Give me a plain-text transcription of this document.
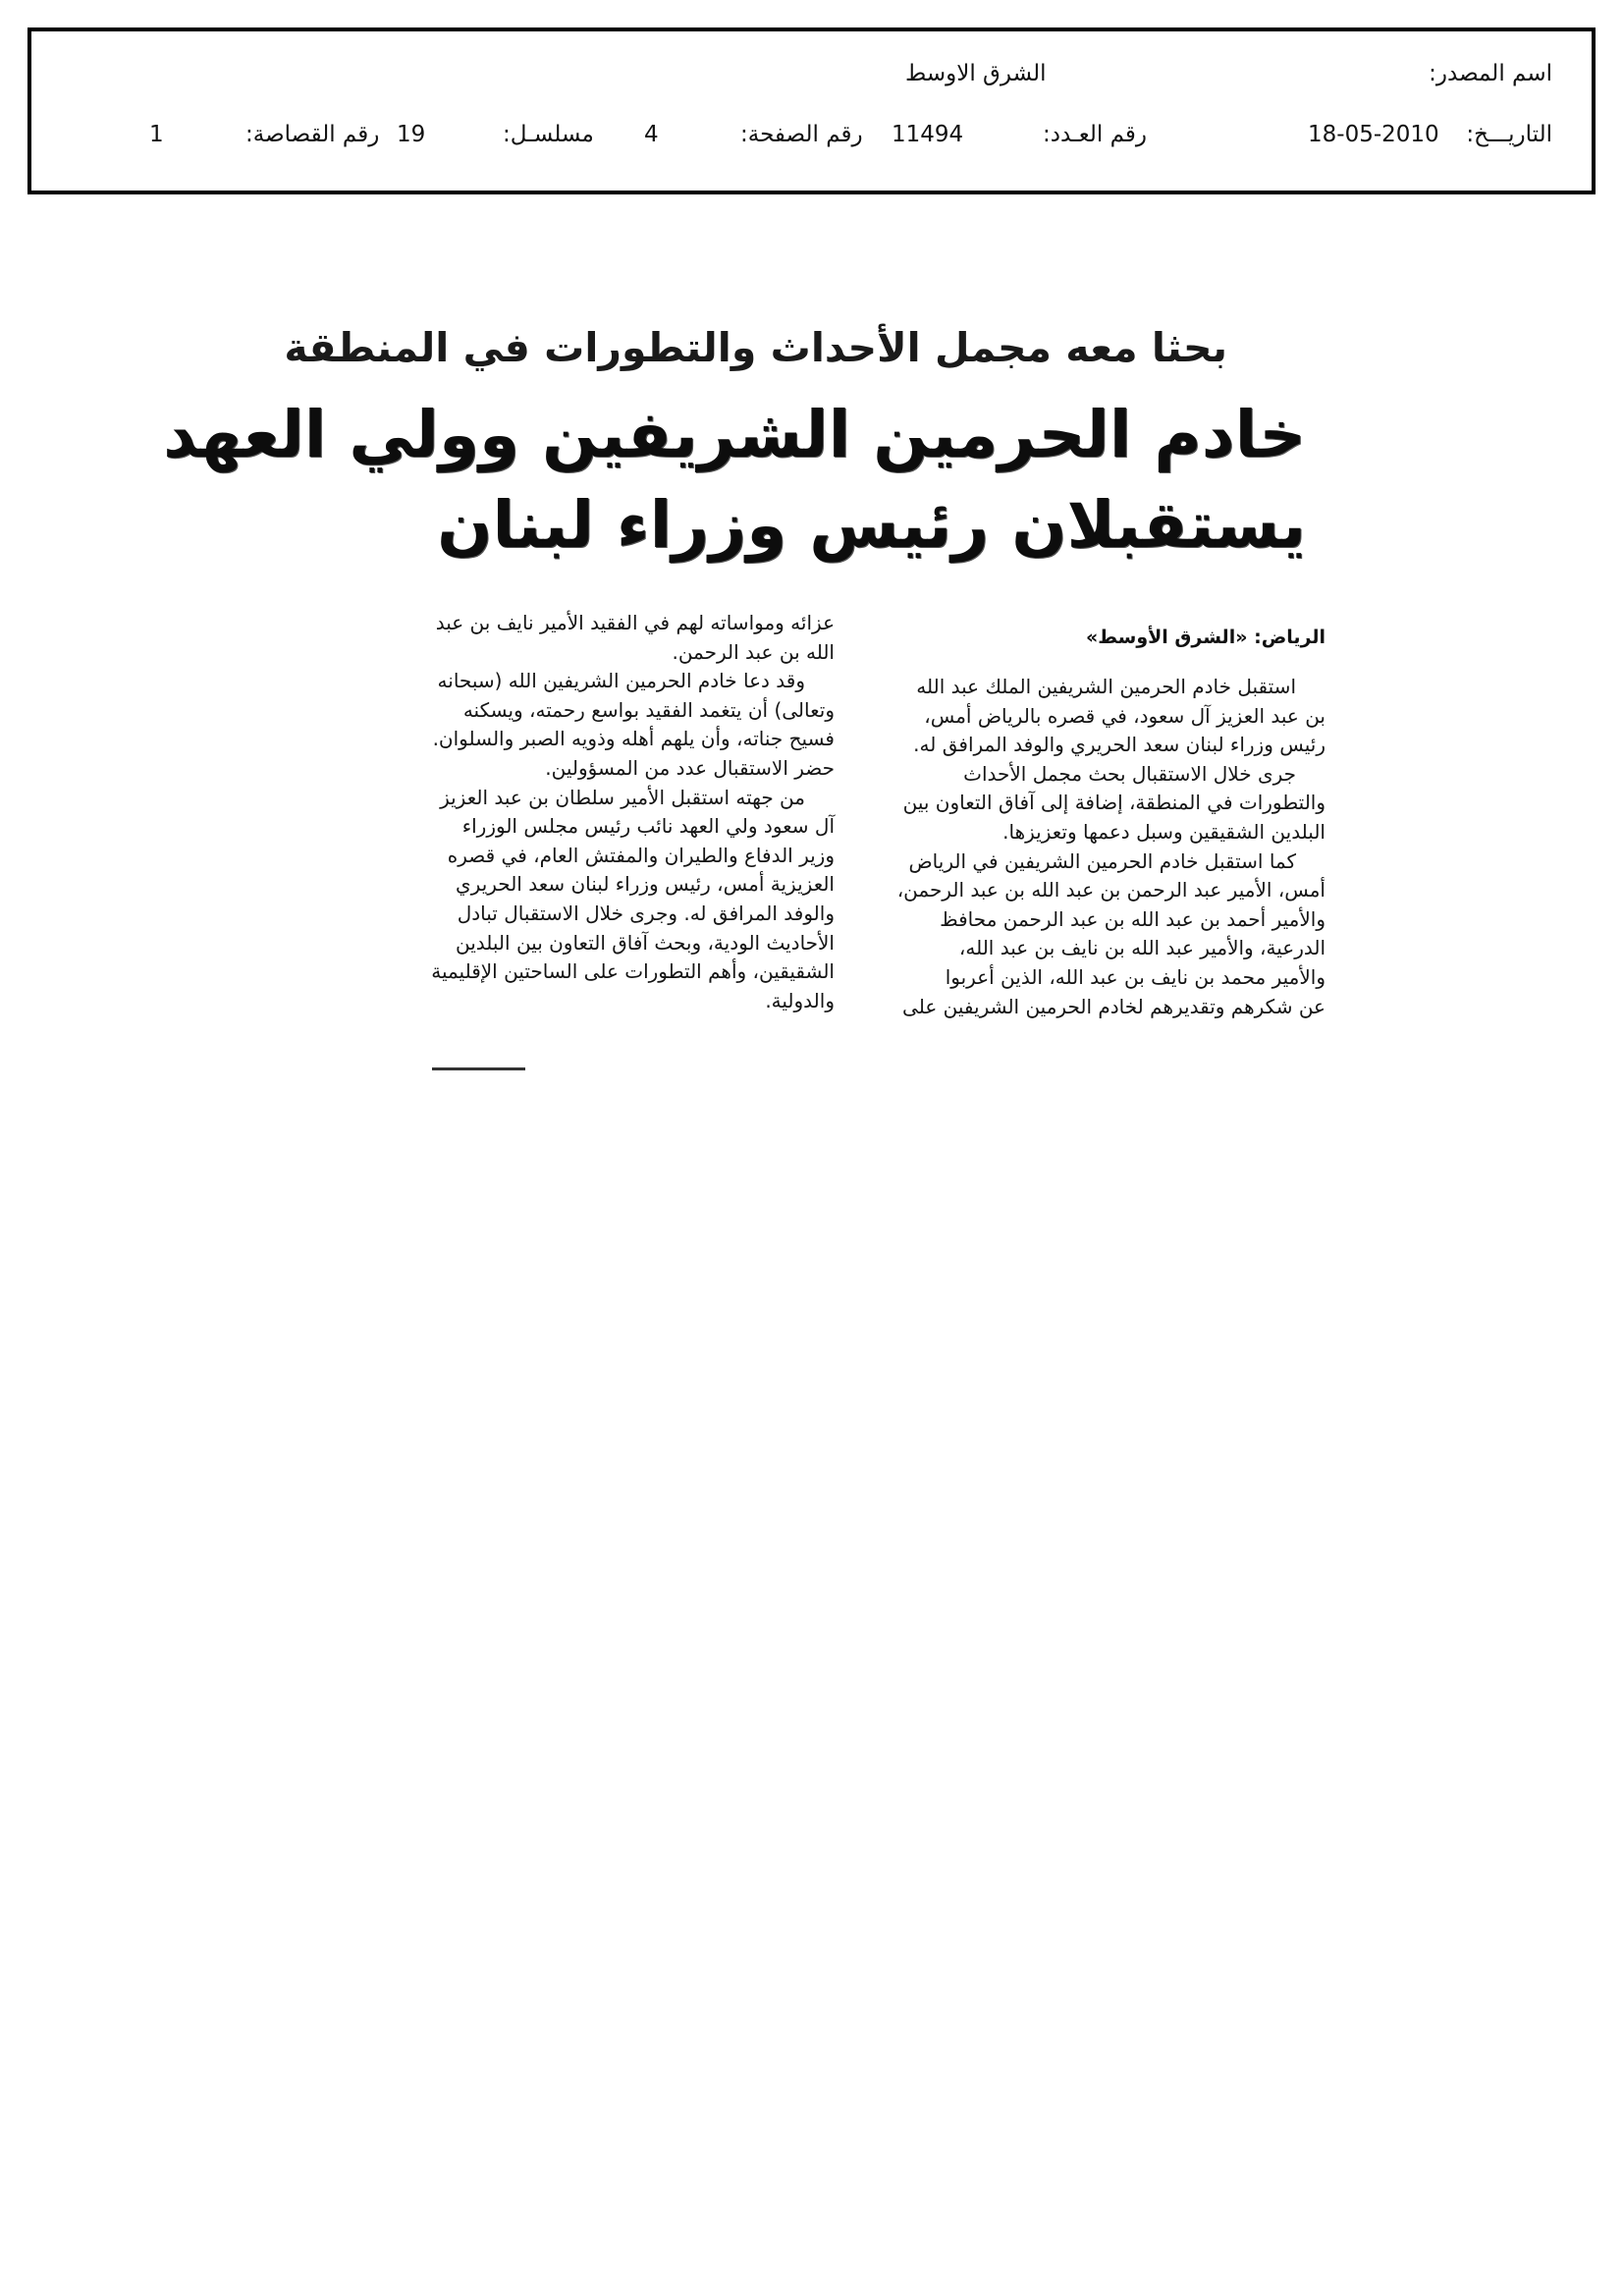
اسم المصدر:
الشرق الاوسط
التاريـــخ:
18-05-2010
رقم العـدد:
11494
رقم الصفحة:
4
مسلسـل:
19
رقم القصاصة:
1
بحثا معه مجمل الأحداث والتطورات في المنطقة
خادم الحرمين الشريفين وولي العهد
يستقبلان رئيس وزراء لبنان
الرياض: «الشرق الأوسط»

استقبل خادم الحرمين الشريفين الملك عبد الله

بن عبد العزيز آل سعود، في قصره بالرياض أمس،

رئيس وزراء لبنان سعد الحريري والوفد المرافق له.

جرى خلال الاستقبال بحث مجمل الأحداث

والتطورات في المنطقة، إضافة إلى آفاق التعاون بين

البلدين الشقيقين وسبل دعمها وتعزيزها.

كما استقبل خادم الحرمين الشريفين في الرياض

أمس، الأمير عبد الرحمن بن عبد الله بن عبد الرحمن،

والأمير أحمد بن عبد الله بن عبد الرحمن محافظ

الدرعية، والأمير عبد الله بن نايف بن عبد الله،

والأمير محمد بن نايف بن عبد الله، الذين أعربوا

عن شكرهم وتقديرهم لخادم الحرمين الشريفين على

عزائه ومواساته لهم في الفقيد الأمير نايف بن عبد

الله بن عبد الرحمن.

وقد دعا خادم الحرمين الشريفين الله (سبحانه

وتعالى) أن يتغمد الفقيد بواسع رحمته، ويسكنه

فسيح جناته، وأن يلهم أهله وذويه الصبر والسلوان.

حضر الاستقبال عدد من المسؤولين.

من جهته استقبل الأمير سلطان بن عبد العزيز

آل سعود ولي العهد نائب رئيس مجلس الوزراء

وزير الدفاع والطيران والمفتش العام، في قصره

العزيزية أمس، رئيس وزراء لبنان سعد الحريري

والوفد المرافق له. وجرى خلال الاستقبال تبادل

الأحاديث الودية، وبحث آفاق التعاون بين البلدين

الشقيقين، وأهم التطورات على الساحتين الإقليمية

والدولية.
